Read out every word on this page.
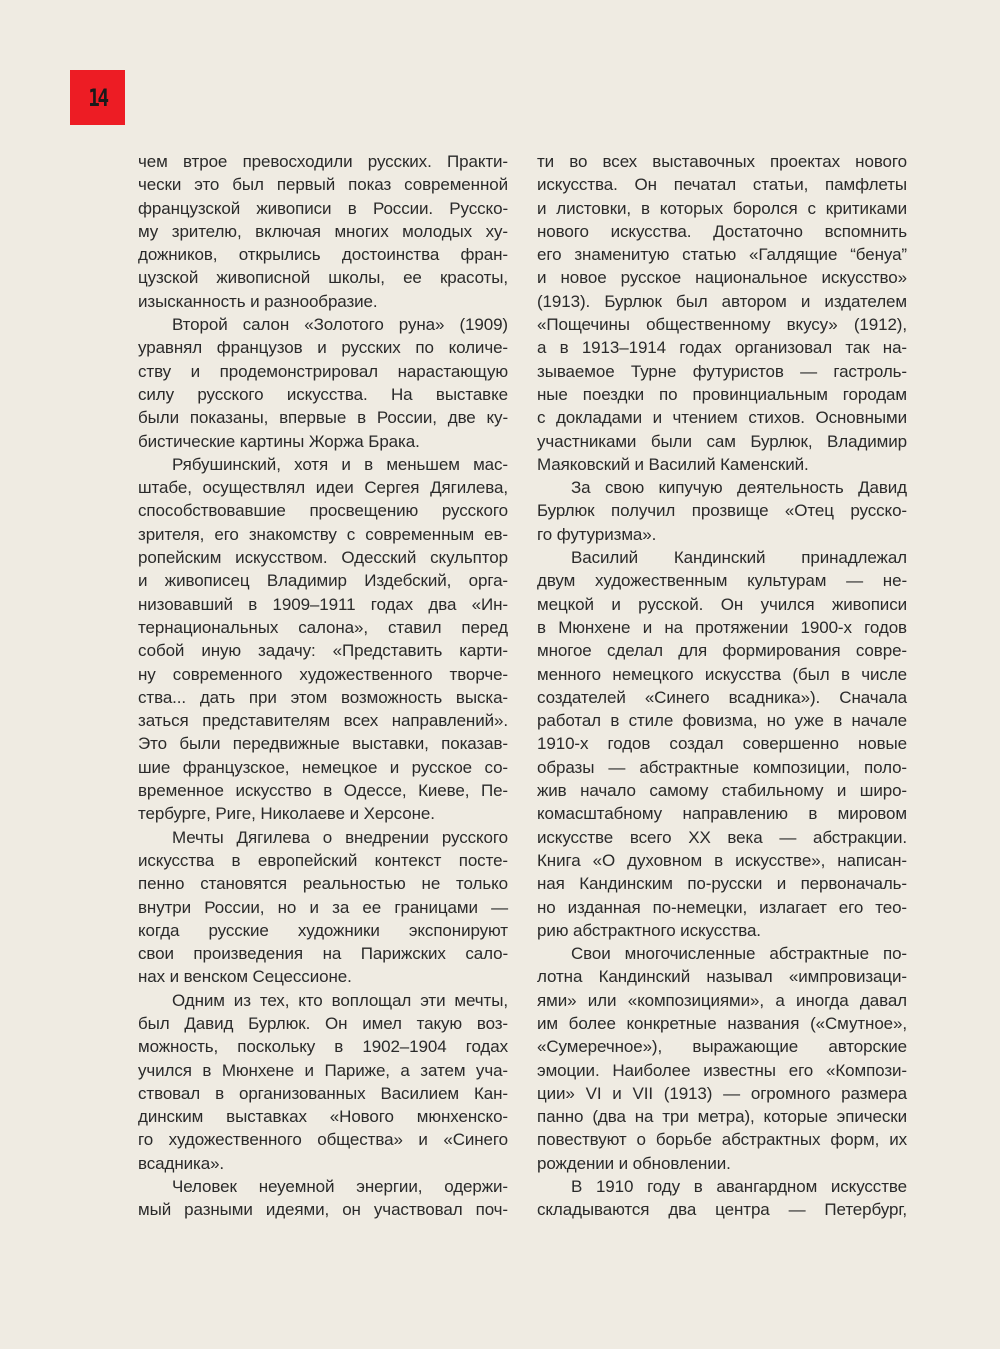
14
чем втрое превосходили русских. Практи-
чески это был первый показ современной
французской живописи в России. Русско-
му зрителю, включая многих молодых ху-
дожников, открылись достоинства фран-
цузской живописной школы, ее красоты,
изысканность и разнообразие.
Второй салон «Золотого руна» (1909)
уравнял французов и русских по количе-
ству и продемонстрировал нарастающую
силу русского искусства. На выставке
были показаны, впервые в России, две ку-
бистические картины Жоржа Брака.
Рябушинский, хотя и в меньшем мас-
штабе, осуществлял идеи Сергея Дягилева,
способствовавшие просвещению русского
зрителя, его знакомству с современным ев-
ропейским искусством. Одесский скульптор
и живописец Владимир Издебский, орга-
низовавший в 1909–1911 годах два «Ин-
тернациональных салона», ставил перед
собой иную задачу: «Представить карти-
ну современного художественного творче-
ства... дать при этом возможность выска-
заться представителям всех направлений».
Это были передвижные выставки, показав-
шие французское, немецкое и русское со-
временное искусство в Одессе, Киеве, Пе-
тербурге, Риге, Николаеве и Херсоне.
Мечты Дягилева о внедрении русского
искусства в европейский контекст посте-
пенно становятся реальностью не только
внутри России, но и за ее границами —
когда русские художники экспонируют
свои произведения на Парижских сало-
нах и венском Сецессионе.
Одним из тех, кто воплощал эти мечты,
был Давид Бурлюк. Он имел такую воз-
можность, поскольку в 1902–1904 годах
учился в Мюнхене и Париже, а затем уча-
ствовал в организованных Василием Кан-
динским выставках «Нового мюнхенско-
го художественного общества» и «Синего
всадника».
Человек неуемной энергии, одержи-
мый разными идеями, он участвовал поч-
ти во всех выставочных проектах нового
искусства. Он печатал статьи, памфлеты
и листовки, в которых боролся с критиками
нового искусства. Достаточно вспомнить
его знаменитую статью «Галдящие “бенуа”
и новое русское национальное искусство»
(1913). Бурлюк был автором и издателем
«Пощечины общественному вкусу» (1912),
а в 1913–1914 годах организовал так на-
зываемое Турне футуристов — гастроль-
ные поездки по провинциальным городам
с докладами и чтением стихов. Основными
участниками были сам Бурлюк, Владимир
Маяковский и Василий Каменский.
За свою кипучую деятельность Давид
Бурлюк получил прозвище «Отец русско-
го футуризма».
Василий Кандинский принадлежал
двум художественным культурам — не-
мецкой и русской. Он учился живописи
в Мюнхене и на протяжении 1900-х годов
многое сделал для формирования совре-
менного немецкого искусства (был в числе
создателей «Синего всадника»). Сначала
работал в стиле фовизма, но уже в начале
1910-х годов создал совершенно новые
образы — абстрактные композиции, поло-
жив начало самому стабильному и широ-
комасштабному направлению в мировом
искусстве всего XX века — абстракции.
Книга «О духовном в искусстве», написан-
ная Кандинским по-русски и первоначаль-
но изданная по-немецки, излагает его тео-
рию абстрактного искусства.
Свои многочисленные абстрактные по-
лотна Кандинский называл «импровизаци-
ями» или «композициями», а иногда давал
им более конкретные названия («Смутное»,
«Сумеречное»), выражающие авторские
эмоции. Наиболее известны его «Компози-
ции» VI и VII (1913) — огромного размера
панно (два на три метра), которые эпически
повествуют о борьбе абстрактных форм, их
рождении и обновлении.
В 1910 году в авангардном искусстве
складываются два центра — Петербург,
